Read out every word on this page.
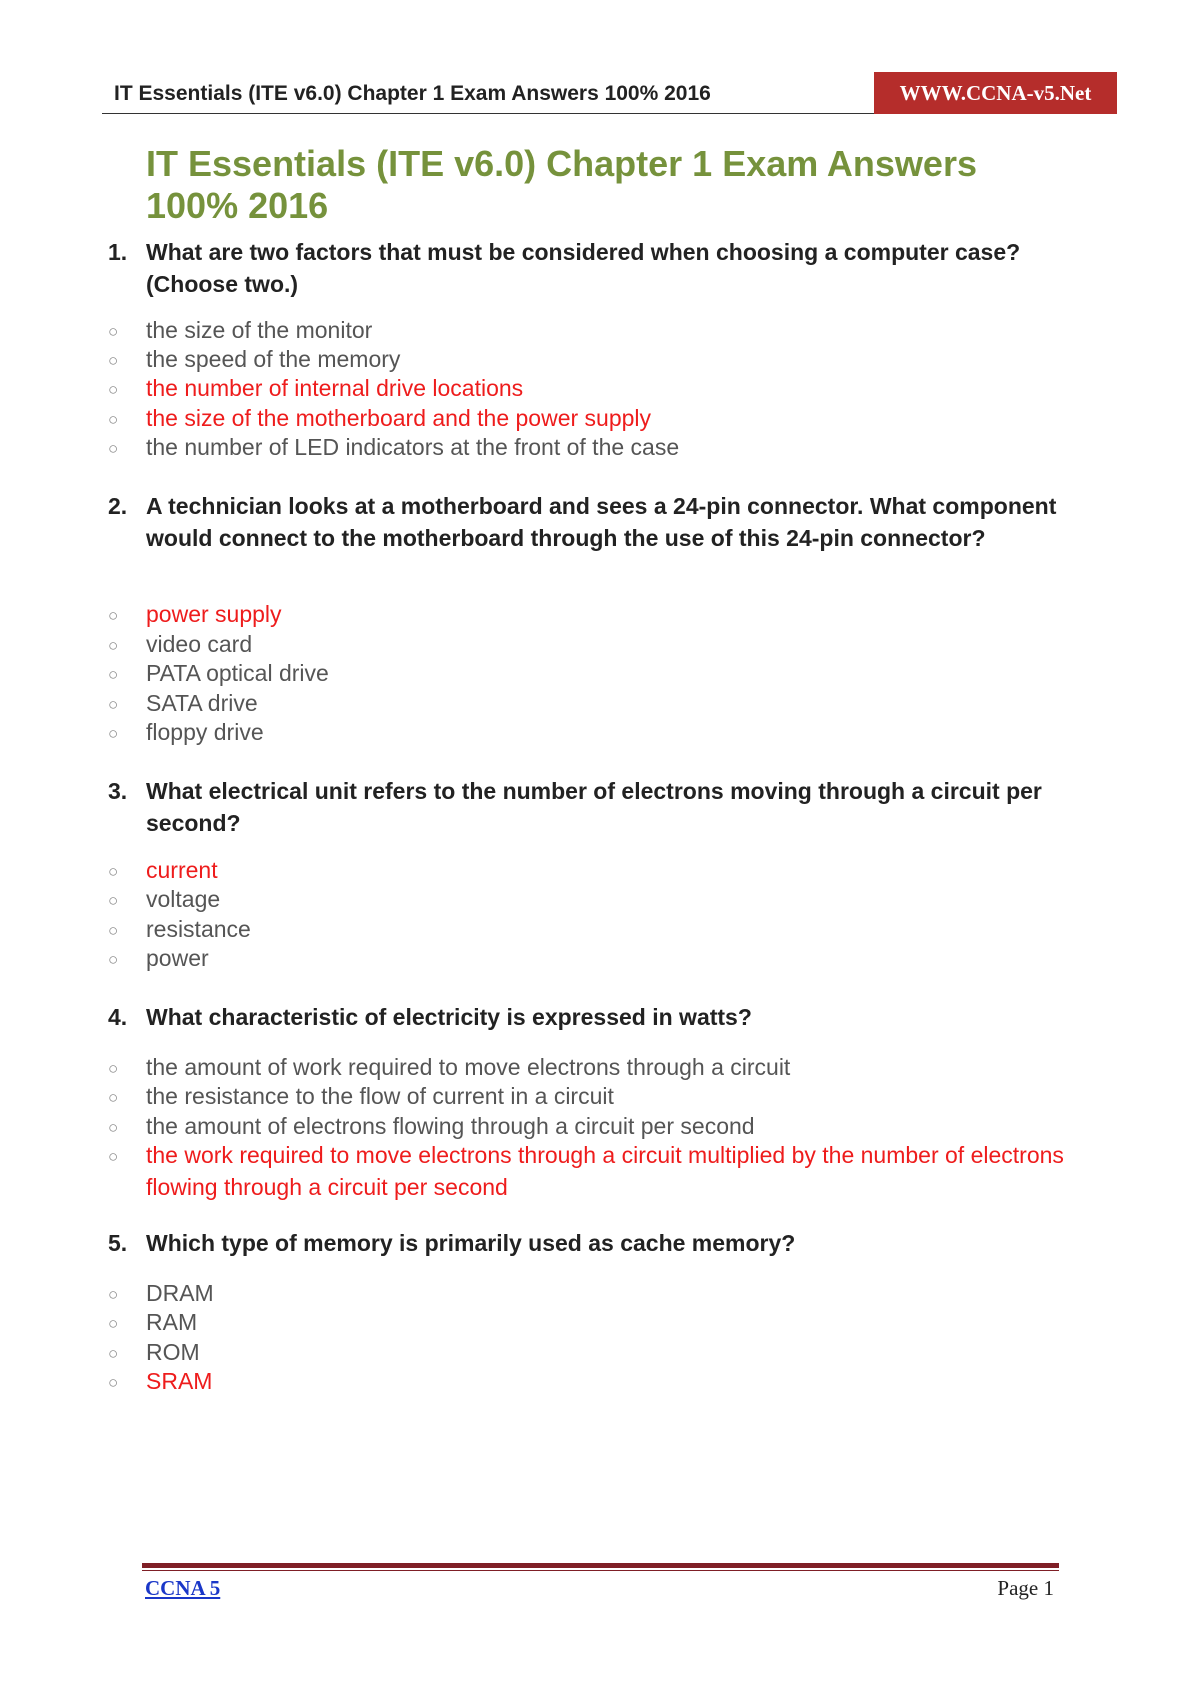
IT Essentials (ITE v6.0) Chapter 1 Exam Answers 100% 2016	WWW.CCNA-v5.Net
IT Essentials (ITE v6.0) Chapter 1 Exam Answers 100% 2016
1. What are two factors that must be considered when choosing a computer case? (Choose two.)
○ the size of the monitor
○ the speed of the memory
○ the number of internal drive locations
○ the size of the motherboard and the power supply
○ the number of LED indicators at the front of the case
2. A technician looks at a motherboard and sees a 24-pin connector. What component would connect to the motherboard through the use of this 24-pin connector?
○ power supply
○ video card
○ PATA optical drive
○ SATA drive
○ floppy drive
3. What electrical unit refers to the number of electrons moving through a circuit per second?
○ current
○ voltage
○ resistance
○ power
4. What characteristic of electricity is expressed in watts?
○ the amount of work required to move electrons through a circuit
○ the resistance to the flow of current in a circuit
○ the amount of electrons flowing through a circuit per second
○ the work required to move electrons through a circuit multiplied by the number of electrons flowing through a circuit per second
5. Which type of memory is primarily used as cache memory?
○ DRAM
○ RAM
○ ROM
○ SRAM
CCNA 5	Page 1
